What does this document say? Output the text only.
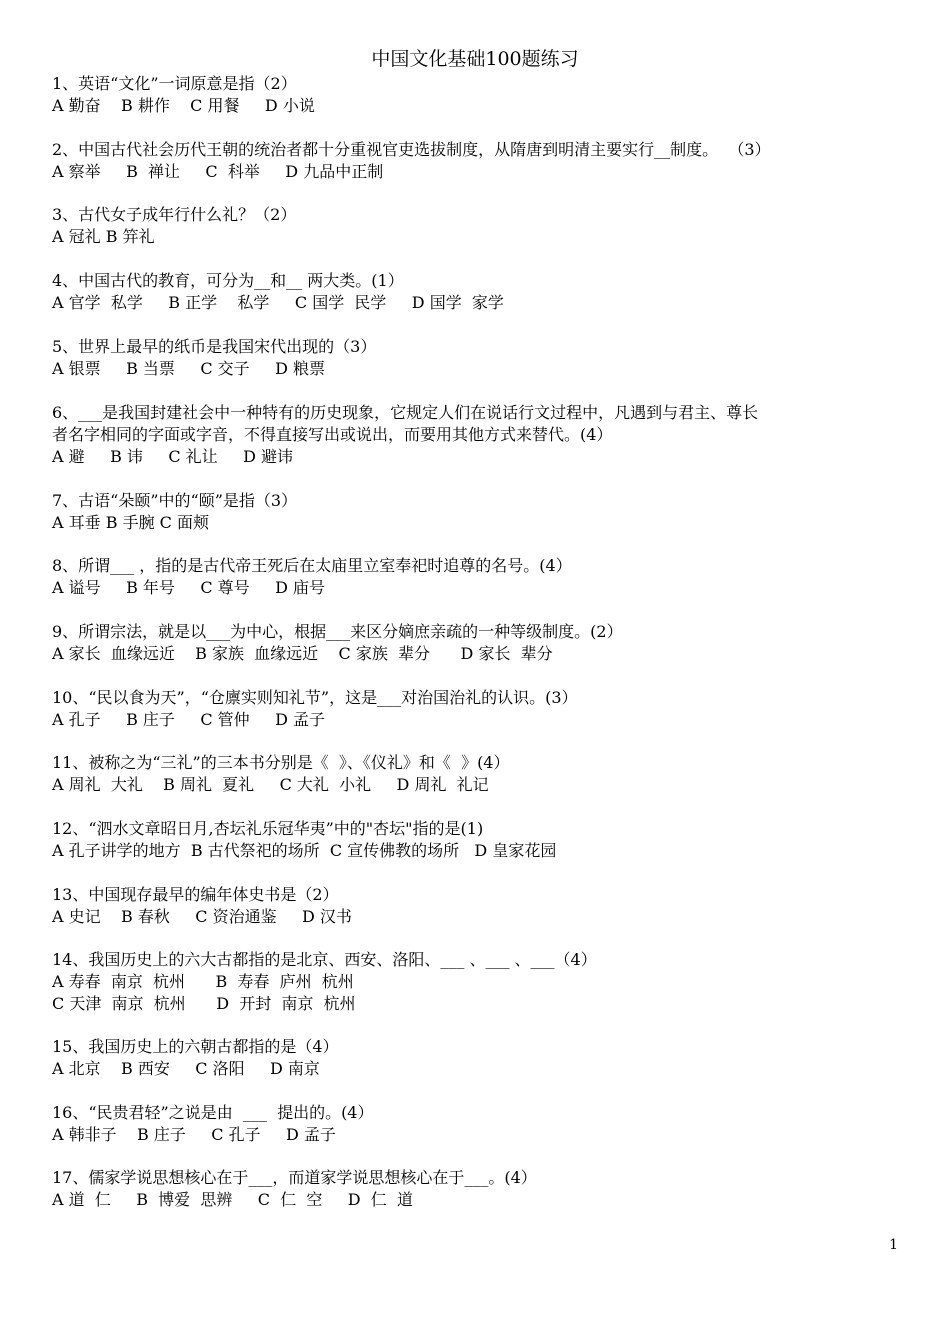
中国文化基础100题练习
1、英语“文化”一词原意是指（2）
A 勤奋    B 耕作    C 用餐     D 小说
2、中国古代社会历代王朝的统治者都十分重视官吏选拔制度，从隋唐到明清主要实行__制度。  （3）
A 察举     B  禅让     C  科举     D 九品中正制
3、古代女子成年行什么礼？（2）
A 冠礼 B 笄礼
4、中国古代的教育，可分为__和__ 两大类。(1）
A 官学  私学     B 正学    私学     C 国学  民学     D 国学  家学
5、世界上最早的纸币是我国宋代出现的（3）
A 银票     B 当票     C 交子     D 粮票
6、___是我国封建社会中一种特有的历史现象，它规定人们在说话行文过程中，凡遇到与君主、尊长
者名字相同的字面或字音，不得直接写出或说出，而要用其他方式来替代。(4）
A 避     B 讳     C 礼让     D 避讳
7、古语“朵颐”中的“颐”是指（3）
A 耳垂 B 手腕 C 面颊
8、所谓___ ，指的是古代帝王死后在太庙里立室奉祀时追尊的名号。(4）
A 谥号     B 年号     C 尊号     D 庙号
9、所谓宗法，就是以___为中心，根据___来区分嫡庶亲疏的一种等级制度。(2）
A 家长  血缘远近    B 家族  血缘远近    C 家族  辈分      D 家长  辈分
10、“民以食为天”，“仓廪实则知礼节”，这是___对治国治礼的认识。(3）
A 孔子     B 庄子     C 管仲     D 孟子
11、被称之为“三礼”的三本书分别是《  》、《仪礼》和《  》(4）
A 周礼  大礼    B 周礼  夏礼     C 大礼  小礼     D 周礼  礼记
12、“泗水文章昭日月,杏坛礼乐冠华夷”中的"杏坛"指的是(1)
A 孔子讲学的地方  B 古代祭祀的场所  C 宣传佛教的场所   D 皇家花园
13、中国现存最早的编年体史书是（2）
A 史记    B 春秋     C 资治通鉴     D 汉书
14、我国历史上的六大古都指的是北京、西安、洛阳、___ 、___ 、___（4）
A 寿春  南京  杭州      B  寿春  庐州  杭州
C 天津  南京  杭州      D  开封  南京  杭州
15、我国历史上的六朝古都指的是（4）
A 北京    B 西安     C 洛阳     D 南京
16、“民贵君轻”之说是由  ___  提出的。(4）
A 韩非子    B 庄子     C 孔子     D 孟子
17、儒家学说思想核心在于___，而道家学说思想核心在于___。(4）
A 道  仁     B  博爱  思辨     C  仁  空     D  仁  道
1
